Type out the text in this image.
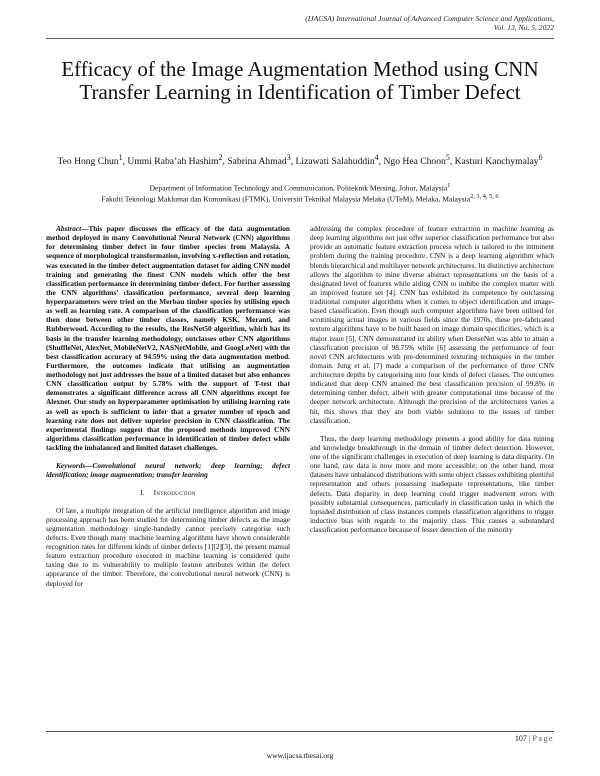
(IJACSA) International Journal of Advanced Computer Science and Applications,
Vol. 13, No. 5, 2022
Efficacy of the Image Augmentation Method using CNN Transfer Learning in Identification of Timber Defect
Teo Hong Chun$^1$, Ummi Raba’ah Hashim$^2$, Sabrina Ahmad$^3$, Lizawati Salahuddin$^4$, Ngo Hea Choon$^5$, Kasturi Kanchymalay$^6$
Department of Information Technology and Communication, Politeknik Mersing, Johor, Malaysia$^1$
Fakulti Teknologi Maklumat dan Komunikasi (FTMK), Universiti Teknikal Malaysia Melaka (UTeM), Melaka, Malaysia$^{2, 3, 4, 5, 6}$

Abstract—This paper discusses the efficacy of the data augmentation method deployed in many Convolutional Neural Network (CNN) algorithms for determining timber defect in four timber species from Malaysia. A sequence of morphological transformation, involving x-reflection and rotation, was executed in the timber defect augmentation dataset for aiding CNN model training and generating the finest CNN models which offer the best classification performance in determining timber defect. For further assessing the CNN algorithms’ classification performance, several deep learning hyperparameters were tried on the Merbau timber species by utilising epoch as well as learning rate. A comparison of the classification performance was then done between other timber classes, namely KSK, Meranti, and Rubberwood. According to the results, the ResNet50 algorithm, which has its basis in the transfer learning methodology, outclasses other CNN algorithms (ShuffleNet, AlexNet, MobileNetV2, NASNetMobile, and GoogLeNet) with the best classification accuracy of 94.59% using the data augmentation method. Furthermore, the outcomes indicate that utilising an augmentation methodology not just addresses the issue of a limited dataset but also enhances CNN classification output by 5.78% with the support of T-test that demonstrates a significant difference across all CNN algorithms except for Alexnet. Our study on hyperparameter optimisation by utilising learning rate as well as epoch is sufficient to infer that a greater number of epoch and learning rate does not deliver superior precision in CNN classification. The experimental findings suggest that the proposed methods improved CNN algorithms classification performance in identification of timber defect while tackling the imbalanced and limited dataset challenges.

Keywords—Convolutional neural network; deep learning; defect identification; image augmentation; transfer learning

I. Introduction

Of late, a multiple integration of the artificial intelligence algorithm and image processing approach has been studied for determining timber defects as the image segmentation methodology single-handedly cannot precisely categorise such defects. Even though many machine learning algorithms have shown considerable recognition rates for different kinds of timber defects [1][2][3], the present manual feature extraction procedure executed in machine learning is considered quite taxing due to its vulnerability to multiple feature attributes within the defect appearance of the timber. Therefore, the convolutional neural network (CNN) is deployed for

addressing the complex procedure of feature extraction in machine learning as deep learning algorithms not just offer superior classification performance but also provide an automatic feature extraction process which is tailored to the imminent problem during the training procedure. CNN is a deep learning algorithm which blends hierarchical and multilayer network architectures. Its distinctive architecture allows the algorithm to mine diverse abstract representations on the basis of a designated level of features while aiding CNN to imbibe the complex matter with an improved feature set [4]. CNN has exhibited its competence by outclassing traditional computer algorithms when it comes to object identification and image-based classification. Even though such computer algorithms have been utilised for scrutinising actual images in various fields since the 1970s, these pre-fabricated texture algorithms have to be built based on image domain specificities, which is a major issue [5]. CNN demonstrated its ability when DenseNet was able to attain a classification precision of 98.75% while [6] assessing the performance of four novel CNN architectures with pre-determined texturing techniques in the timber domain. Jung et al. [7] made a comparison of the performance of three CNN architecture depths by categorising into four kinds of defect classes. The outcomes indicated that deep CNN attained the best classification precision of 99.8% in determining timber defect, albeit with greater computational time because of the deeper network architecture. Although the precision of the architectures varies a bit, this shows that they are both viable solutions to the issues of timber classification.

Thus, the deep learning methodology presents a good ability for data mining and knowledge breakthrough in the domain of timber defect detection. However, one of the significant challenges in execution of deep learning is data disparity. On one hand, raw data is now more and more accessible; on the other hand, most datasets have unbalanced distributions with some object classes exhibiting plentiful representation and others possessing inadequate representations, like timber defects. Data disparity in deep learning could trigger inadvertent errors with possibly substantial consequences, particularly in classification tasks in which the lopsided distribution of class instances compels classification algorithms to trigger inductive bias with regards to the majority class. This causes a substandard classification performance because of lesser detection of the minority

107 | Page
www.ijacsa.thesai.org
